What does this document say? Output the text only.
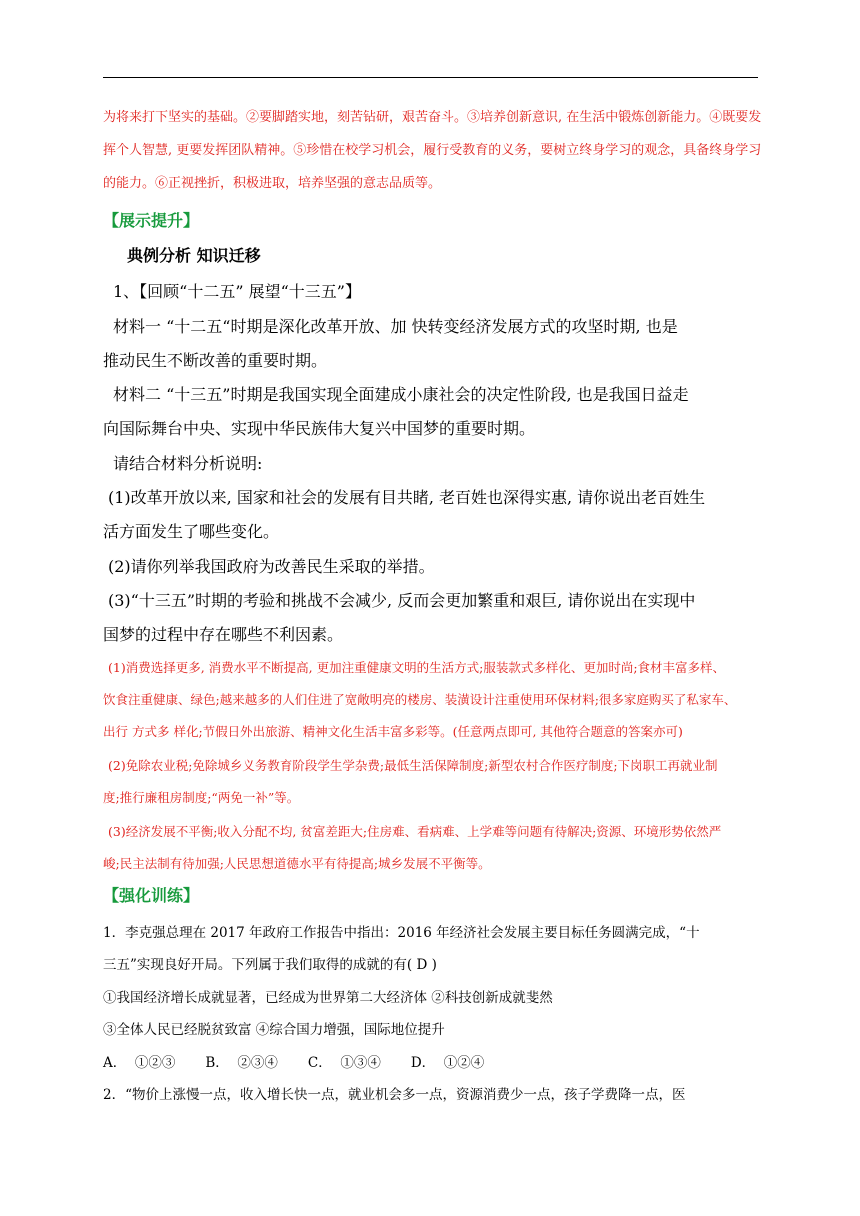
为将来打下坚实的基础。②要脚踏实地，刻苦钻研，艰苦奋斗。③培养创新意识, 在生活中锻炼创新能力。④既要发

挥个人智慧, 更要发挥团队精神。⑤珍惜在校学习机会，履行受教育的义务，要树立终身学习的观念，具备终身学习

的能力。⑥正视挫折，积极进取，培养坚强的意志品质等。

【展示提升】
典例分析 知识迁移
1、【回顾“十二五” 展望“十三五”】
材料一 “十二五“时期是深化改革开放、加 快转变经济发展方式的攻坚时期, 也是
推动民生不断改善的重要时期。
材料二 “十三五”时期是我国实现全面建成小康社会的决定性阶段, 也是我国日益走
向国际舞台中央、实现中华民族伟大复兴中国梦的重要时期。
请结合材料分析说明:
(1)改革开放以来, 国家和社会的发展有目共睹, 老百姓也深得实惠, 请你说出老百姓生
活方面发生了哪些变化。
(2)请你列举我国政府为改善民生采取的举措。
(3)“十三五”时期的考验和挑战不会减少, 反而会更加繁重和艰巨, 请你说出在实现中
国梦的过程中存在哪些不利因素。
(1)消费选择更多, 消费水平不断提高, 更加注重健康文明的生活方式;服装款式多样化、更加时尚;食材丰富多样、
饮食注重健康、绿色;越来越多的人们住进了宽敞明亮的楼房、装潢设计注重使用环保材料;很多家庭购买了私家车、
出行 方式多 样化;节假日外出旅游、精神文化生活丰富多彩等。(任意两点即可, 其他符合题意的答案亦可)
(2)免除农业税;免除城乡义务教育阶段学生学杂费;最低生活保障制度;新型农村合作医疗制度;下岗职工再就业制
度;推行廉租房制度;“两免一补”等。
(3)经济发展不平衡;收入分配不均, 贫富差距大;住房难、看病难、上学难等问题有待解决;资源、环境形势依然严
峻;民主法制有待加强;人民思想道德水平有待提高;城乡发展不平衡等。
【强化训练】
1．李克强总理在 2017 年政府工作报告中指出：2016 年经济社会发展主要目标任务圆满完成，“十
三五”实现良好开局。下列属于我们取得的成就的有( D )
①我国经济增长成就显著，已经成为世界第二大经济体 ②科技创新成就斐然
③全体人民已经脱贫致富 ④综合国力增强，国际地位提升
A．  ①②③       B．  ②③④       C．  ①③④       D．  ①②④
2．“物价上涨慢一点，收入增长快一点，就业机会多一点，资源消费少一点，孩子学费降一点，医
